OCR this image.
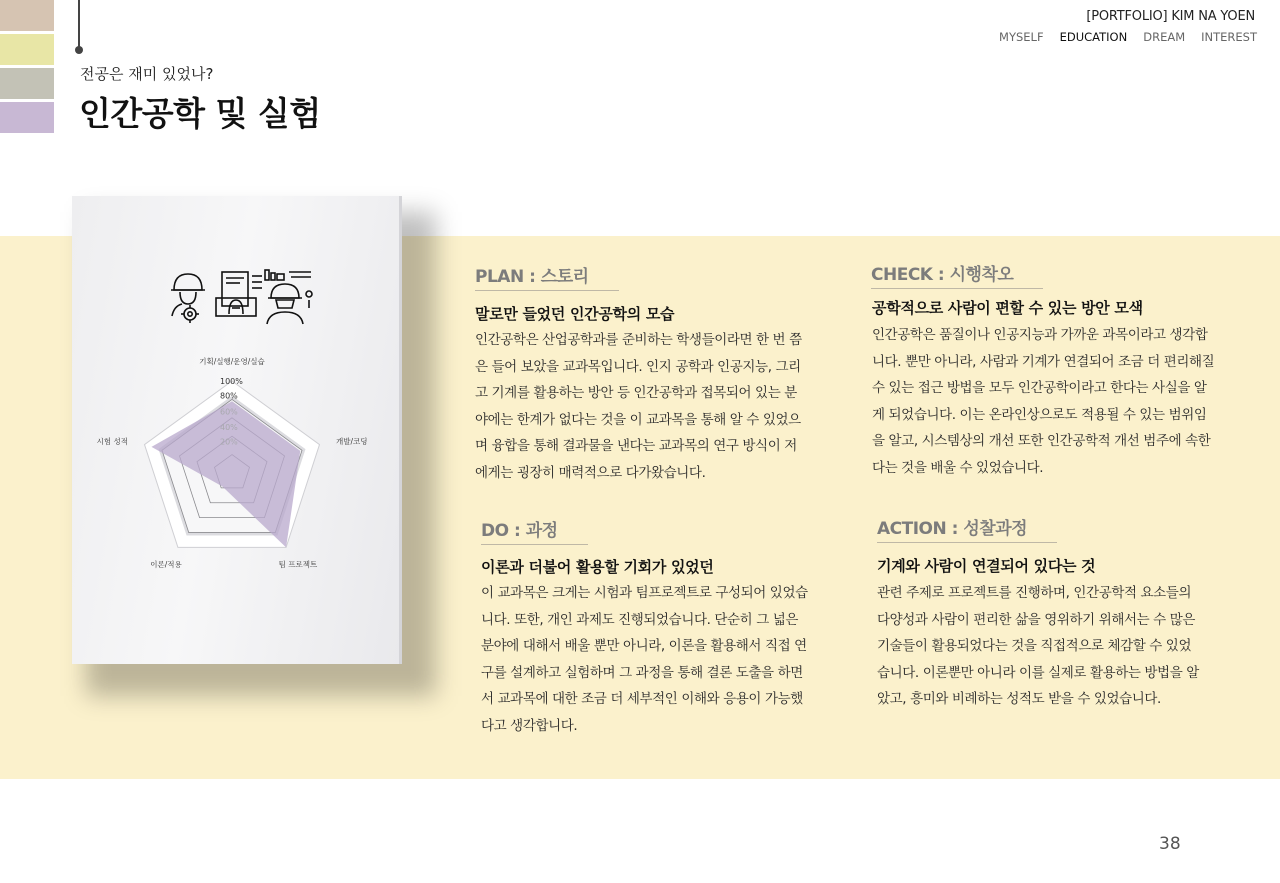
[PORTFOLIO] KIM NA YOEN
MYSELF EDUCATION DREAM INTEREST
전공은 재미 있었나?
인간공학 및 실험
100%
80%
60%
40%
20%
기획/실행/운영/실습
개발/코딩
팀 프로젝트
이론/적용
시험 성적
PLAN : 스토리
말로만 들었던 인간공학의 모습
인간공학은 산업공학과를 준비하는 학생들이라면 한 번 쯤
은 들어 보았을 교과목입니다. 인지 공학과 인공지능, 그리
고 기계를 활용하는 방안 등 인간공학과 접목되어 있는 분
야에는 한계가 없다는 것을 이 교과목을 통해 알 수 있었으
며 융합을 통해 결과물을 낸다는 교과목의 연구 방식이 저
에게는 굉장히 매력적으로 다가왔습니다.
CHECK : 시행착오
공학적으로 사람이 편할 수 있는 방안 모색
인간공학은 품질이나 인공지능과 가까운 과목이라고 생각합
니다. 뿐만 아니라, 사람과 기계가 연결되어 조금 더 편리해질
수 있는 접근 방법을 모두 인간공학이라고 한다는 사실을 알
게 되었습니다. 이는 온라인상으로도 적용될 수 있는 범위임
을 알고, 시스템상의 개선 또한 인간공학적 개선 범주에 속한
다는 것을 배울 수 있었습니다.
DO : 과정
이론과 더불어 활용할 기회가 있었던
이 교과목은 크게는 시험과 팀프로젝트로 구성되어 있었습
니다. 또한, 개인 과제도 진행되었습니다. 단순히 그 넓은
분야에 대해서 배울 뿐만 아니라, 이론을 활용해서 직접 연
구를 설계하고 실험하며 그 과정을 통해 결론 도출을 하면
서 교과목에 대한 조금 더 세부적인 이해와 응용이 가능했
다고 생각합니다.
ACTION : 성찰과정
기계와 사람이 연결되어 있다는 것
관련 주제로 프로젝트를 진행하며, 인간공학적 요소들의
다양성과 사람이 편리한 삶을 영위하기 위해서는 수 많은
기술들이 활용되었다는 것을 직접적으로 체감할 수 있었
습니다. 이론뿐만 아니라 이를 실제로 활용하는 방법을 알
았고, 흥미와 비례하는 성적도 받을 수 있었습니다.
38
